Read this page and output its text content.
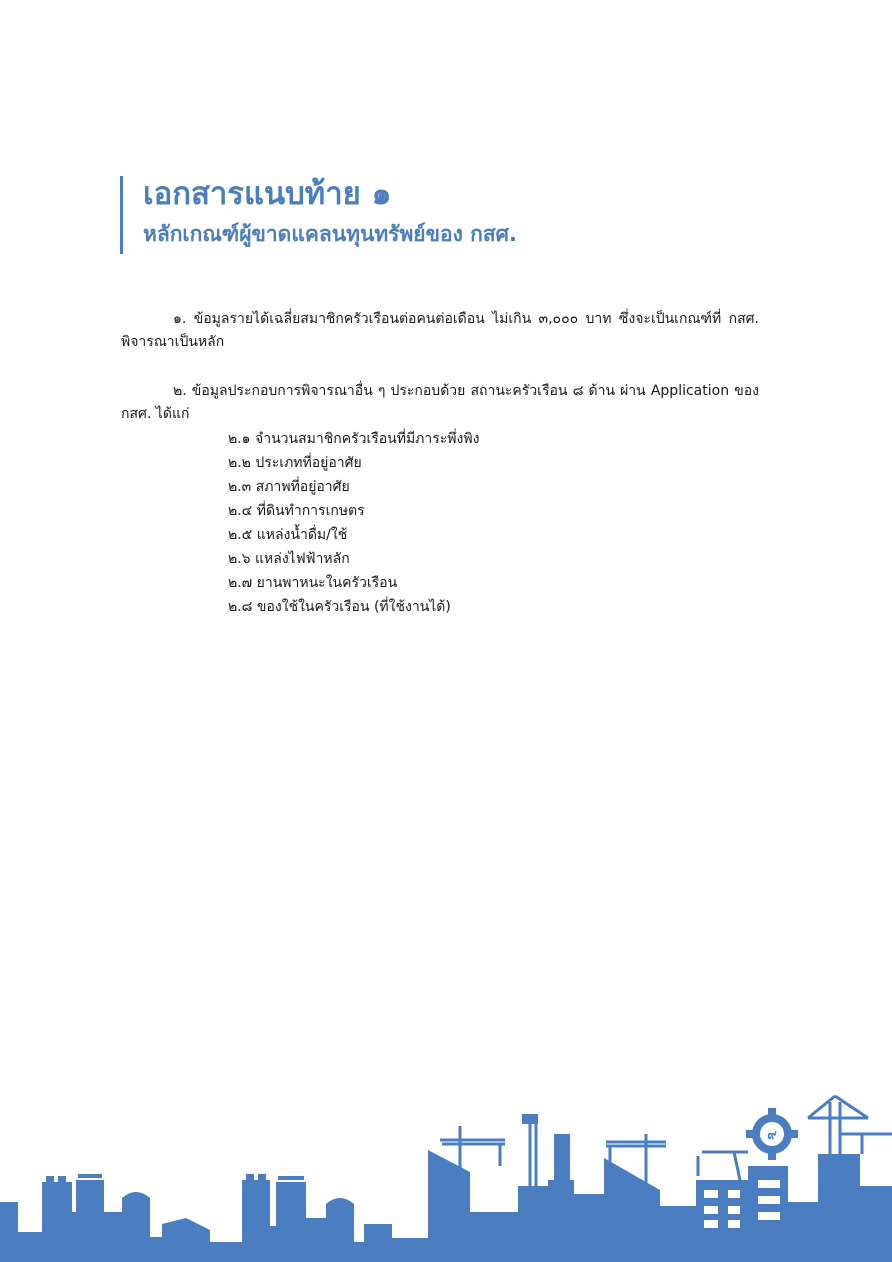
เอกสารแนบท้าย ๑
หลักเกณฑ์ผู้ขาดแคลนทุนทรัพย์ของ กสศ.
๑. ข้อมูลรายได้เฉลี่ยสมาชิกครัวเรือนต่อคนต่อเดือน ไม่เกิน ๓,๐๐๐ บาท ซึ่งจะเป็นเกณฑ์ที่ กสศ. พิจารณาเป็นหลัก
๒. ข้อมูลประกอบการพิจารณาอื่น ๆ ประกอบด้วย สถานะครัวเรือน ๘ ด้าน ผ่าน Application ของ กสศ. ได้แก่
๒.๑ จำนวนสมาชิกครัวเรือนที่มีภาระพึ่งพิง
๒.๒ ประเภทที่อยู่อาศัย
๒.๓ สภาพที่อยู่อาศัย
๒.๔ ที่ดินทำการเกษตร
๒.๕ แหล่งน้ำดื่ม/ใช้
๒.๖ แหล่งไฟฟ้าหลัก
๒.๗ ยานพาหนะในครัวเรือน
๒.๘ ของใช้ในครัวเรือน (ที่ใช้งานได้)
๙
